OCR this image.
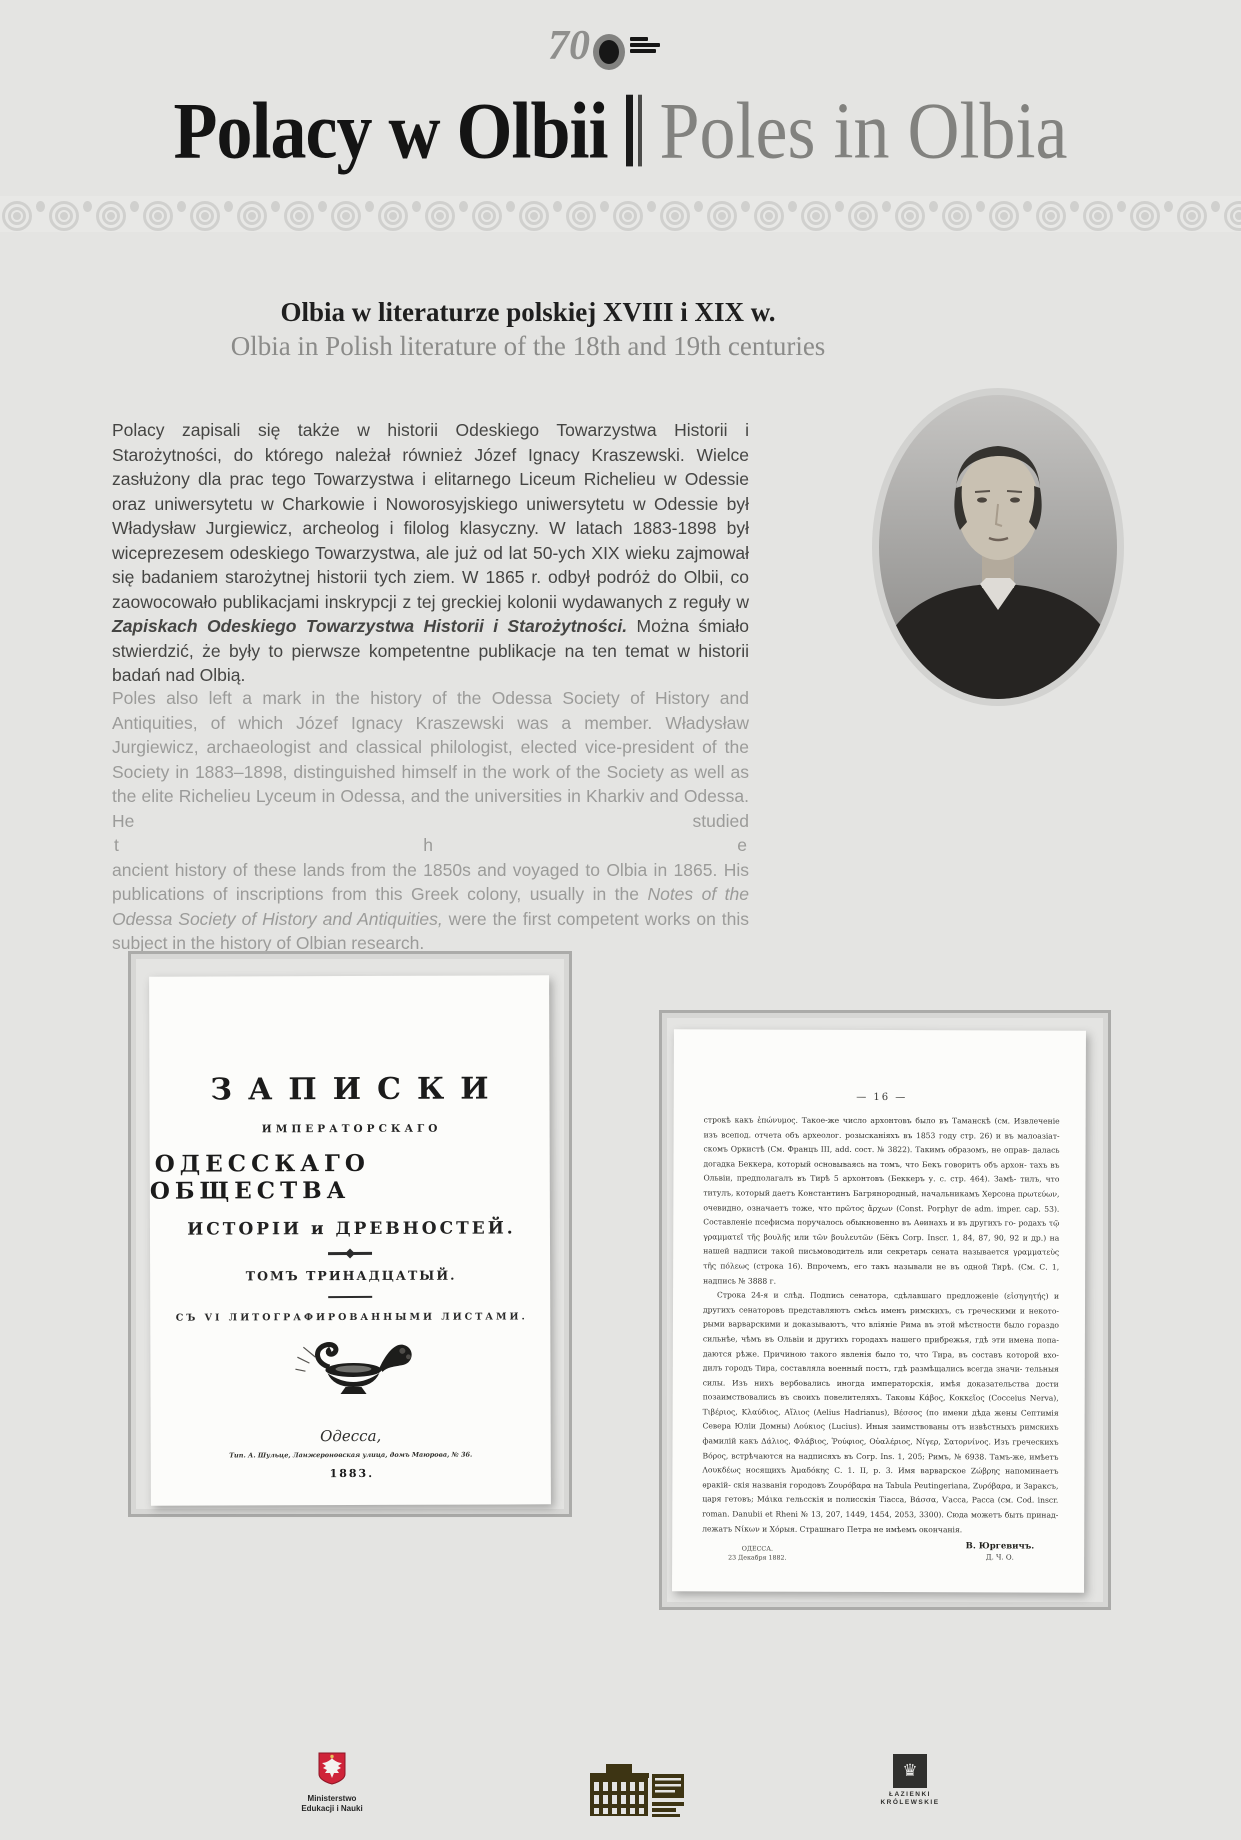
70
Polacy w Olbii Poles in Olbia
Olbia w literaturze polskiej XVIII i XIX w.
Olbia in Polish literature of the 18th and 19th centuries
Polacy zapisali się także w historii Odeskiego Towarzystwa Historii i Starożytności, do którego należał również Józef Ignacy Kraszewski. Wielce zasłużony dla prac tego Towarzystwa i elitarnego Liceum Richelieu w Odessie oraz uniwersytetu w Charkowie i Noworosyjskiego uniwersytetu w Odessie był Władysław Jurgiewicz, archeolog i filolog klasyczny. W latach 1883-1898 był wiceprezesem odeskiego Towarzystwa, ale już od lat 50-ych XIX wieku zajmował się badaniem starożytnej historii tych ziem. W 1865 r. odbył podróż do Olbii, co zaowocowało publikacjami inskrypcji z tej greckiej kolonii wydawanych z reguły w Zapiskach Odeskiego Towarzystwa Historii i Starożytności. Można śmiało stwierdzić, że były to pierwsze kompetentne publikacje na ten temat w historii badań nad Olbią.
Poles also left a mark in the history of the Odessa Society of History and Antiquities, of which Józef Ignacy Kraszewski was a member. Władysław Jurgiewicz, archaeologist and classical philologist, elected vice-president of the Society in 1883–1898, distinguished himself in the work of the Society as well as the elite Richelieu Lyceum in Odessa, and the universities in Kharkiv and Odessa. He studied
t	h	e
ancient history of these lands from the 1850s and voyaged to Olbia in 1865. His publications of inscriptions from this Greek colony, usually in the Notes of the Odessa Society of History and Antiquities, were the first competent works on this subject in the history of Olbian research.
ЗАПИСКИ
ИМПЕРАТОРСКАГО
ОДЕССКАГО ОБЩЕСТВА
ИСТОРІИ и ДРЕВНОСТЕЙ.
ТОМЪ ТРИНАДЦАТЫЙ.
СЪ VI ЛИТОГРАФИРОВАННЫМИ ЛИСТАМИ.
Одесса,
Тип. А. Шульце, Ланжероновская улица, домъ Маюрова, № 36.
1883.
— 16 —
строкѣ какъ ἑπώνυμος. Такое-же число архонтовъ было въ Таманскѣ (см. Извлеченіе изъ всепод. отчета объ археолог. розысканіяхъ въ 1853 году стр. 26) и въ малоазіат- скомъ Оркистѣ (См. Францъ III, add. сост. № 3822). Такимъ образомъ, не оправ- далась догадка Беккера, который основываясь на томъ, что Бекъ говоритъ объ архон- тахъ въ Ольвіи, предполагалъ въ Тирѣ 5 архонтовъ (Беккеръ у. с. стр. 464). Замѣ- тилъ, что титулъ, который даетъ Константинъ Багрянородный, начальникамъ Херсона πρωτεύων, очевидно, означаетъ тоже, что πρῶτος ἄρχων (Const. Porphyr de adm. imper. cap. 53). Составленіе псефисма поручалось обыкновенно въ Аѳинахъ и въ другихъ го- родахъ τῷ γραμματεῖ τῆς βουλῆς или τῶν βουλευτῶν (Бёкъ Corp. Inscr. 1, 84, 87, 90, 92 и др.) на нашей надписи такой письмоводитель или секретарь сената называется γραμματεὺς τῆς πόλεως (строка 16). Впрочемъ, его такъ называли не въ одной Тирѣ. (См. С. 1, надпись № 3888 г.
Строка 24-я и слѣд. Подпись сенатора, сдѣлавшаго предложеніе (εἰσηγητής) и другихъ сенаторовъ представляютъ смѣсь именъ римскихъ, съ греческими и некото- рыми варварскими и доказываютъ, что вліяніе Рима въ этой мѣстности было гораздо сильнѣе, чѣмъ въ Ольвіи и другихъ городахъ нашего прибрежья, гдѣ эти имена попа- даются рѣже. Причиною такого явленія было то, что Тира, въ составъ которой вхо- дилъ городъ Тира, составляла военный постъ, гдѣ размѣщались всегда значи- тельныя силы. Изъ нихъ вербовались иногда императорскія, имѣя доказательства дости позаимствовались въ своихъ повелителяхъ. Таковы Κάβος, Κοκκεῖος (Cocceius Nerva), Τιβέριος, Κλαύδιος, Αἴλιος (Aelius Hadrianus), Вέσσος (по имени дѣда жены Септимія Севера Юліи Домны) Λούκιος (Lucius). Иныя заимствованы отъ извѣстныхъ римскихъ фамилій какъ Δάλιος, Φλάβιος, Ῥούφιος, Οὐαλέριος, Νίγερ, Σατορνίνος. Изъ греческихъ Βόρος, встрѣчаются на надписяхъ въ Corp. Ins. 1, 205; Римъ, № 6938. Тамъ-же, имѣетъ Λουκδέως носящихъ Ἀμαδόκης С. 1. II, р. 3. Имя варварское Ζώβρης напоминаетъ ѳракій- скія названія городовъ Ζουρόβαρα на Tabula Peutingeriana, Ζυρόβαρα, и Зараксъ, царя гетовъ; Μάικα гельсскія и полисскія Тіасса, Вάσσα, Ѵасса, Расса (см. Cod. inscr. roman. Danubii et Rheni № 13, 207, 1449, 1454, 2053, 3300). Сюда можетъ быть принад- лежатъ Νίκων и Χόρыя. Страшнаго Петра не имѣемъ окончанія.
ОДЕССА.
23 Декабря 1882.
В. Юргевичъ.
Д. Ч. О.
Ministerstwo
Edukacji i Nauki
♛
ŁAZIENKI
KRÓLEWSKIE
